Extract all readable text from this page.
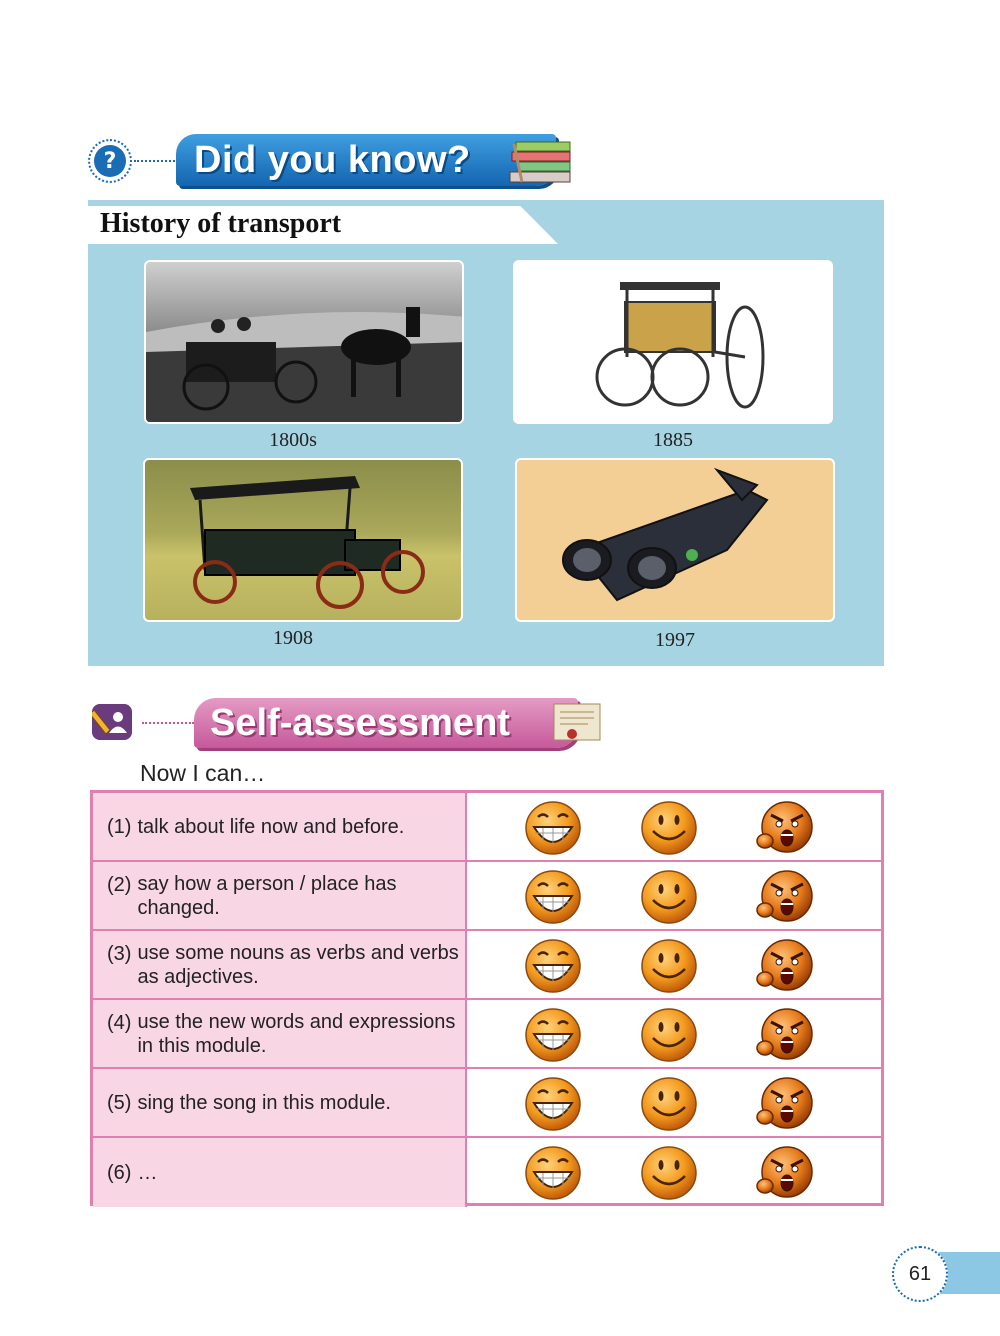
? Did you know?
History of transport
1800s	1885
1908	1997
Self-assessment
Now I can…
(1) talk about life now and before.
(2) say how a person / place has changed.
(3) use some nouns as verbs and verbs as adjectives.
(4) use the new words and expressions in this module.
(5) sing the song in this module.
(6) …
61
